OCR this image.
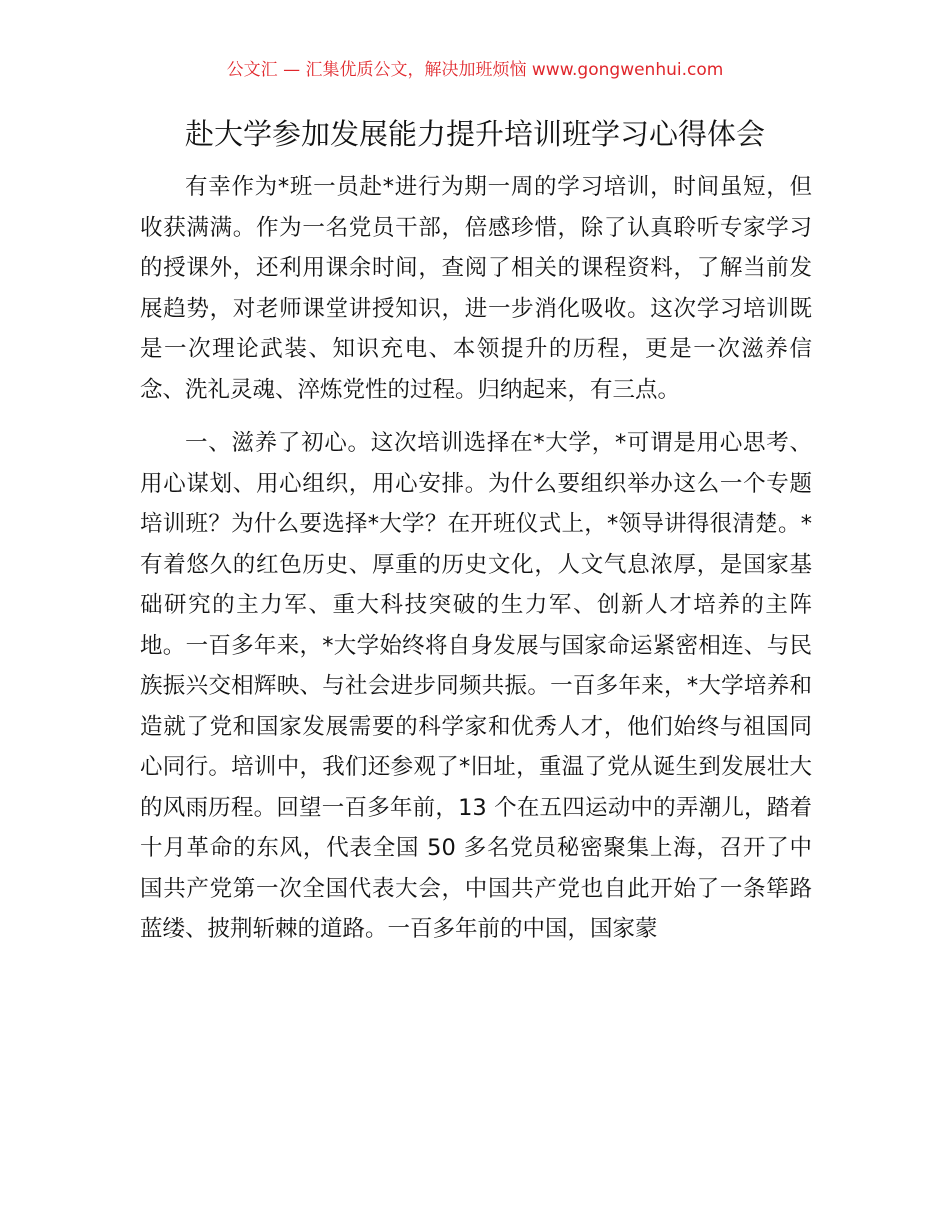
公文汇 — 汇集优质公文，解决加班烦恼 www.gongwenhui.com
赴大学参加发展能力提升培训班学习心得体会

有幸作为*班一员赴*进行为期一周的学习培训，时间虽短，但收获满满。作为一名党员干部，倍感珍惜，除了认真聆听专家学习的授课外，还利用课余时间，查阅了相关的课程资料，了解当前发展趋势，对老师课堂讲授知识，进一步消化吸收。这次学习培训既是一次理论武装、知识充电、本领提升的历程，更是一次滋养信念、洗礼灵魂、淬炼党性的过程。归纳起来，有三点。

一、滋养了初心。这次培训选择在*大学，*可谓是用心思考、用心谋划、用心组织，用心安排。为什么要组织举办这么一个专题培训班？为什么要选择*大学？在开班仪式上，*领导讲得很清楚。*有着悠久的红色历史、厚重的历史文化，人文气息浓厚，是国家基础研究的主力军、重大科技突破的生力军、创新人才培养的主阵地。一百多年来，*大学始终将自身发展与国家命运紧密相连、与民族振兴交相辉映、与社会进步同频共振。一百多年来，*大学培养和造就了党和国家发展需要的科学家和优秀人才，他们始终与祖国同心同行。培训中，我们还参观了*旧址，重温了党从诞生到发展壮大的风雨历程。回望一百多年前，13 个在五四运动中的弄潮儿，踏着十月革命的东风，代表全国 50 多名党员秘密聚集上海，召开了中国共产党第一次全国代表大会，中国共产党也自此开始了一条筚路蓝缕、披荆斩棘的道路。一百多年前的中国，国家蒙
